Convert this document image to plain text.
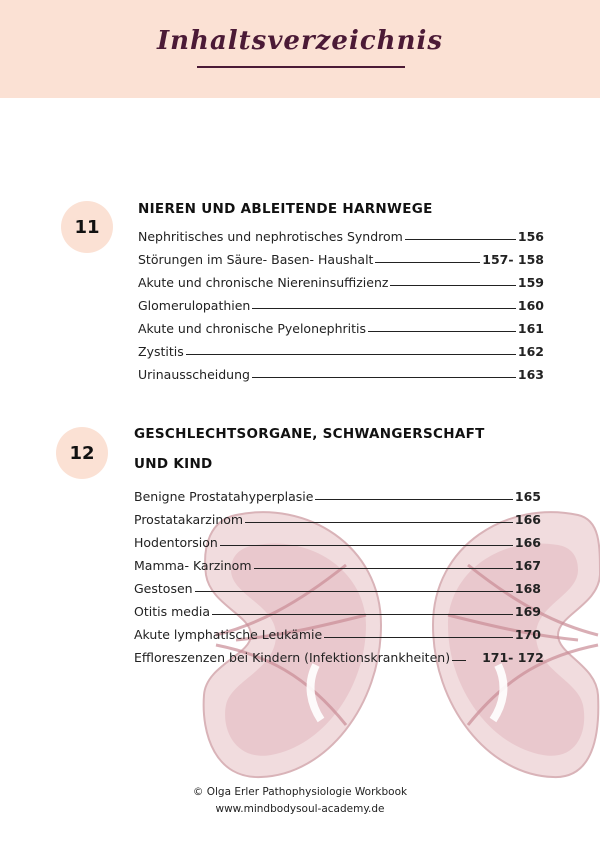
Inhaltsverzeichnis
11
NIEREN UND ABLEITENDE HARNWEGE
Nephritisches und nephrotisches Syndrom	156
Störungen im Säure- Basen- Haushalt	157- 158
Akute und chronische Niereninsuffizienz	159
Glomerulopathien	160
Akute und chronische Pyelonephritis	161
Zystitis	162
Urinausscheidung	163
12
GESCHLECHTSORGANE, SCHWANGERSCHAFT
UND KIND
Benigne Prostatahyperplasie	165
Prostatakarzinom	166
Hodentorsion	166
Mamma- Karzinom	167
Gestosen	168
Otitis media	169
Akute lymphatische Leukämie	170
Effloreszenzen bei Kindern (Infektionskrankheiten)	171- 172
© Olga Erler Pathophysiologie Workbook
www.mindbodysoul-academy.de
